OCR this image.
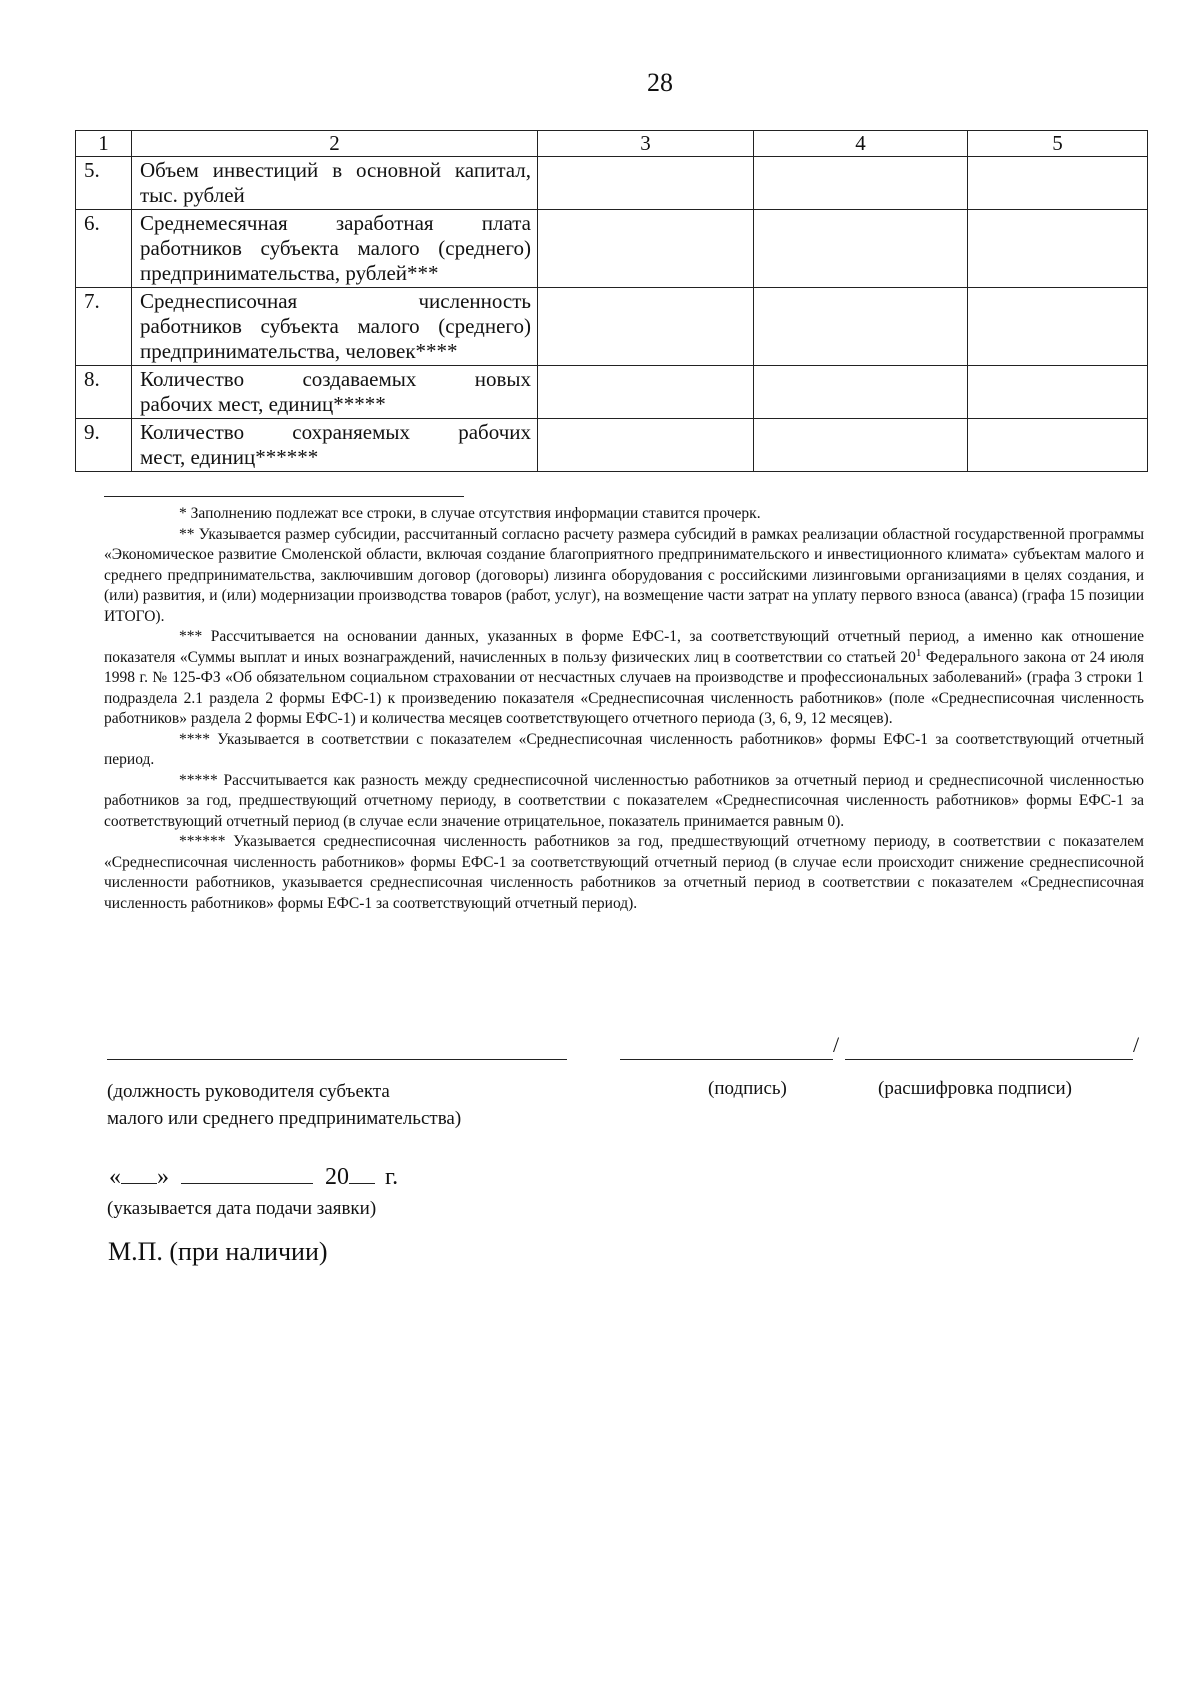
28
1	2	3	4	5
5.	Объем инвестиций в основной капитал,
тыс. рублей			
6.	Среднемесячная заработная плата
работников субъекта малого (среднего)
предпринимательства, рублей***			
7.	Среднесписочная численность
работников субъекта малого (среднего)
предпринимательства, человек****			
8.	Количество создаваемых новых
рабочих мест, единиц*****			
9.	Количество сохраняемых рабочих
мест, единиц******			

* Заполнению подлежат все строки, в случае отсутствия информации ставится прочерк.

** Указывается размер субсидии, рассчитанный согласно расчету размера субсидий в рамках реализации областной государственной программы «Экономическое развитие Смоленской области, включая создание благоприятного предпринимательского и инвестиционного климата» субъектам малого и среднего предпринимательства, заключившим договор (договоры) лизинга оборудования с российскими лизинговыми организациями в целях создания, и (или) развития, и (или) модернизации производства товаров (работ, услуг), на возмещение части затрат на уплату первого взноса (аванса) (графа 15 позиции ИТОГО).

*** Рассчитывается на основании данных, указанных в форме ЕФС-1, за соответствующий отчетный период, а именно как отношение показателя «Суммы выплат и иных вознаграждений, начисленных в пользу физических лиц в соответствии со статьей $20^1$ Федерального закона от 24 июля 1998 г. № 125-ФЗ «Об обязательном социальном страховании от несчастных случаев на производстве и профессиональных заболеваний» (графа 3 строки 1 подраздела 2.1 раздела 2 формы ЕФС-1) к произведению показателя «Среднесписочная численность работников» (поле «Среднесписочная численность работников» раздела 2 формы ЕФС-1) и количества месяцев соответствующего отчетного периода (3, 6, 9, 12 месяцев).

**** Указывается в соответствии с показателем «Среднесписочная численность работников» формы ЕФС-1 за соответствующий отчетный период.

***** Рассчитывается как разность между среднесписочной численностью работников за отчетный период и среднесписочной численностью работников за год, предшествующий отчетному периоду, в соответствии с показателем «Среднесписочная численность работников» формы ЕФС-1 за соответствующий отчетный период (в случае если значение отрицательное, показатель принимается равным 0).

****** Указывается среднесписочная численность работников за год, предшествующий отчетному периоду, в соответствии с показателем «Среднесписочная численность работников» формы ЕФС-1 за соответствующий отчетный период (в случае если происходит снижение среднесписочной численности работников, указывается среднесписочная численность работников за отчетный период в соответствии с показателем «Среднесписочная численность работников» формы ЕФС-1 за соответствующий отчетный период).

/	/
(должность руководителя субъекта
малого или среднего предпринимательства)
(подпись)	(расшифровка подписи)
« »	20 г.
(указывается дата подачи заявки)
М.П. (при наличии)
